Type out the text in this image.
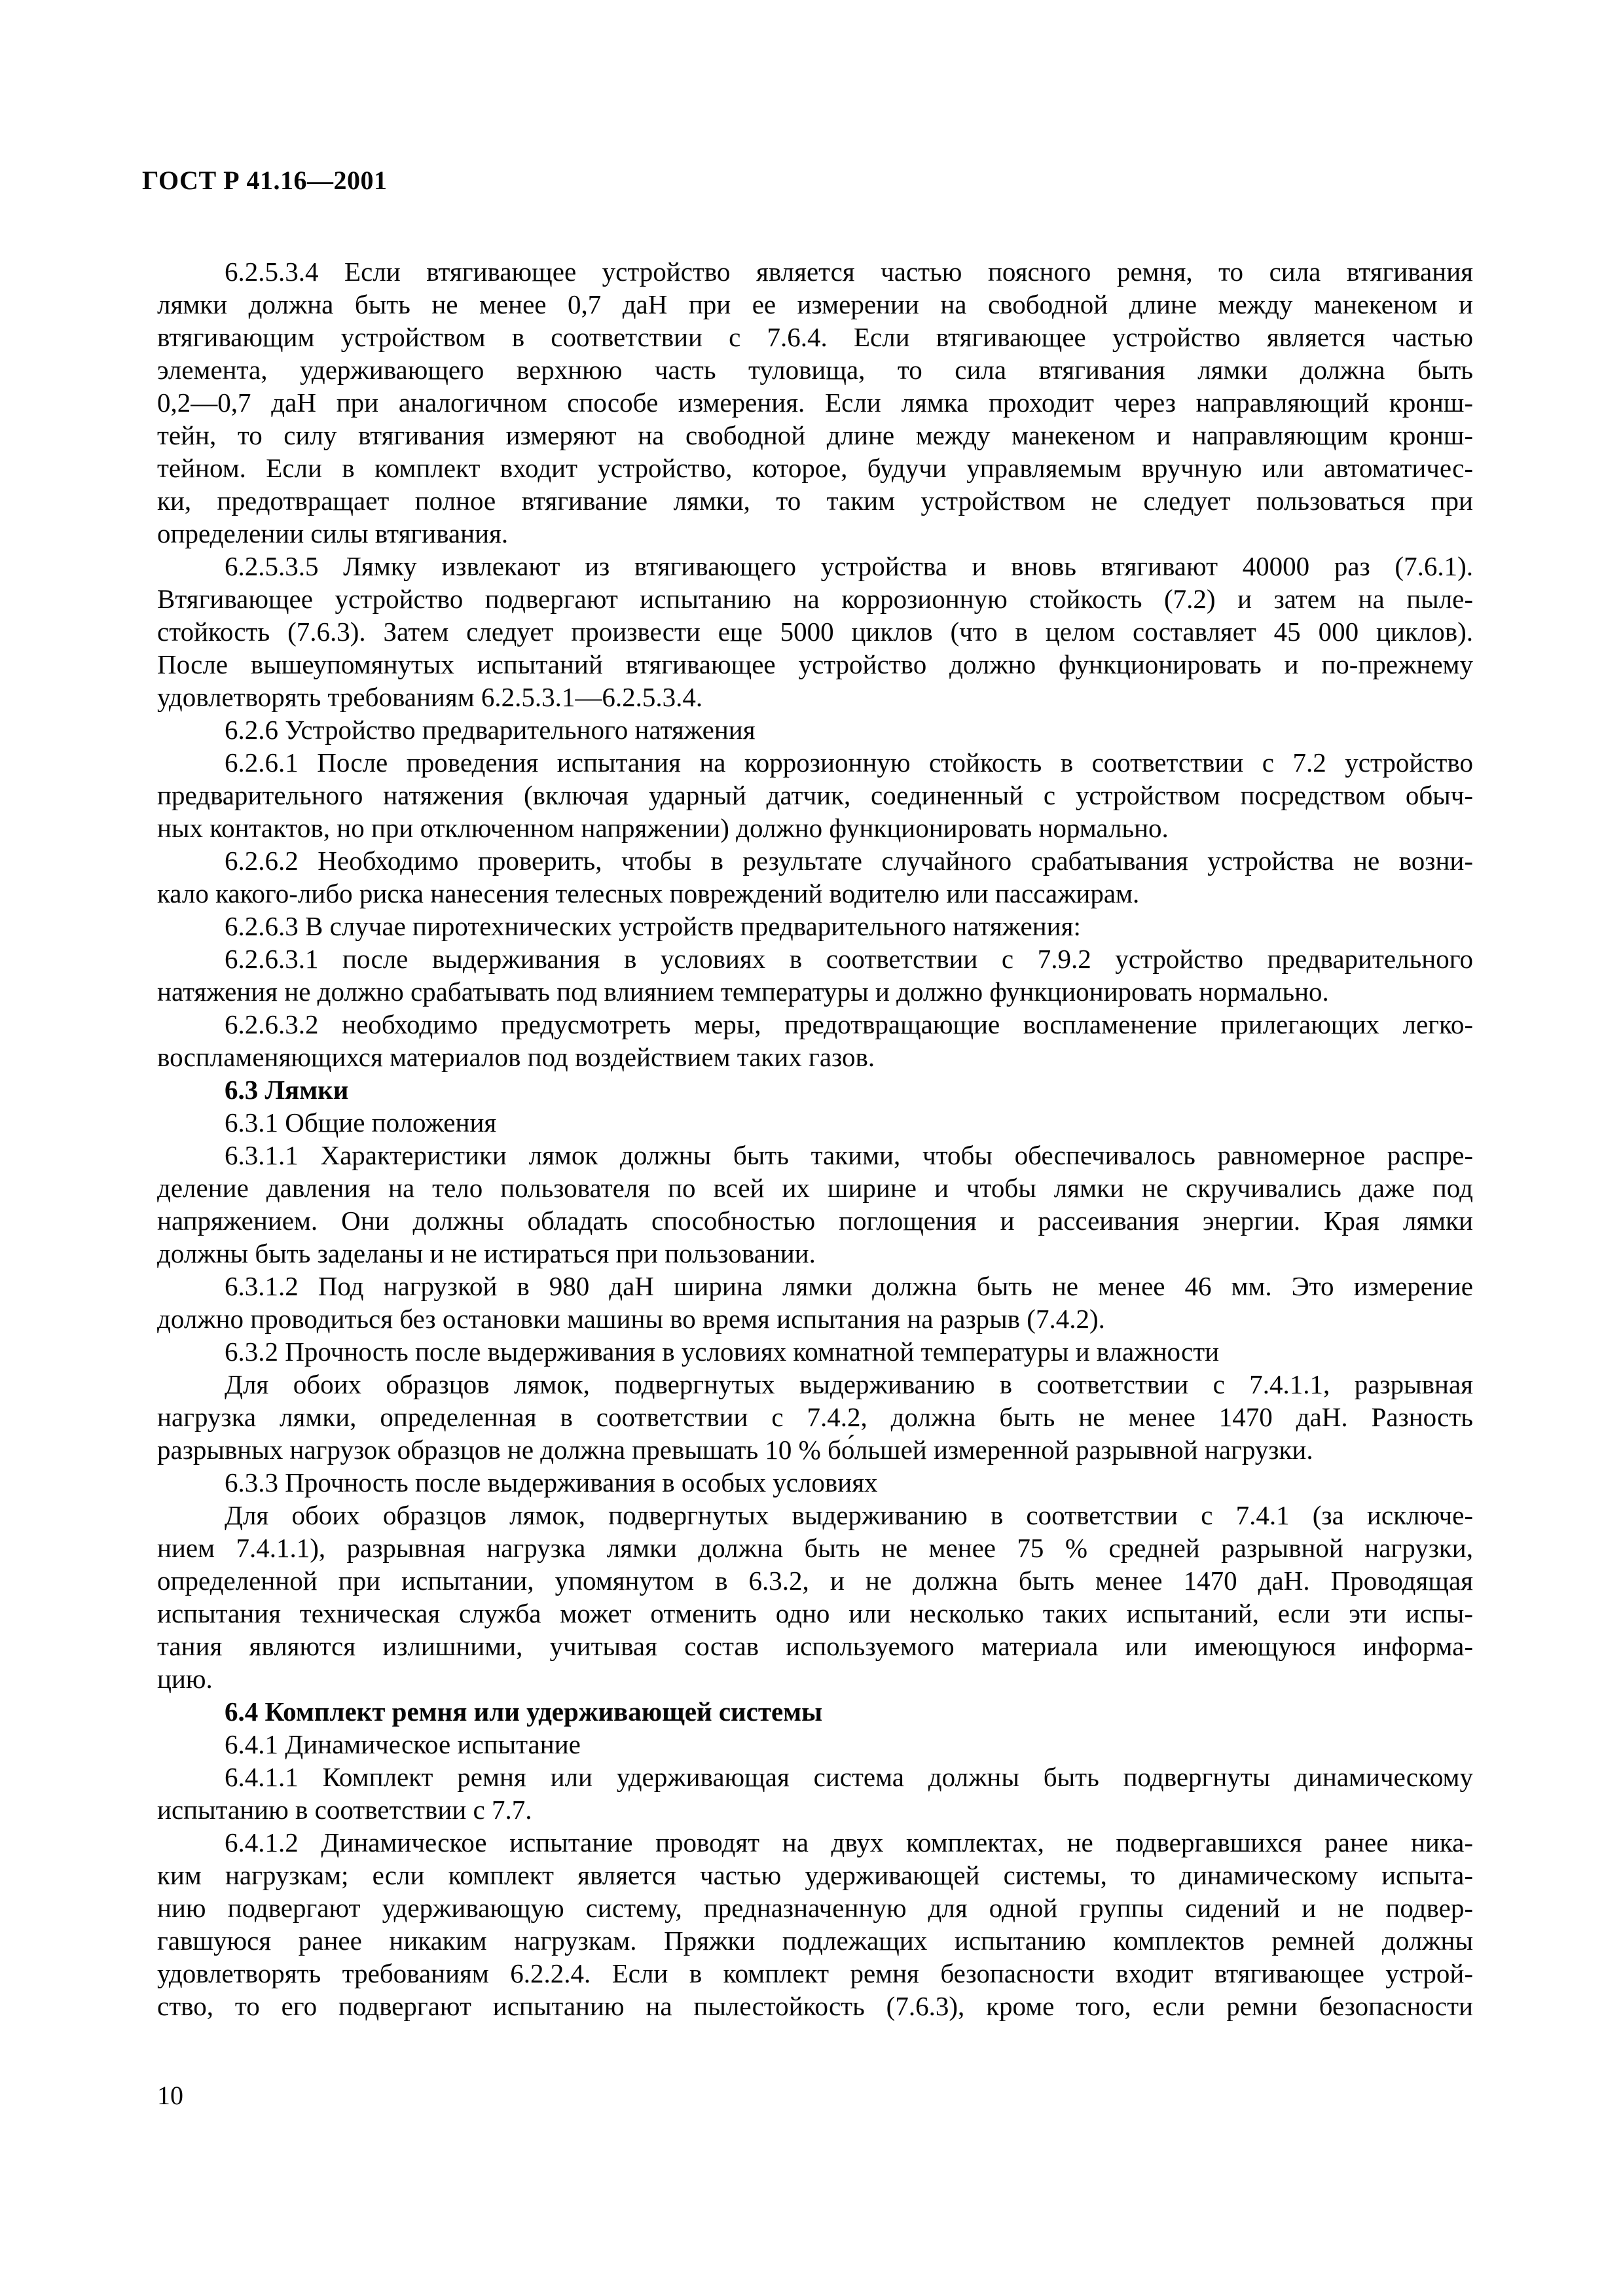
ГОСТ Р 41.16—2001
6.2.5.3.4 Если втягивающее устройство является частью поясного ремня, то сила втягивания
лямки должна быть не менее 0,7 даН при ее измерении на свободной длине между манекеном и
втягивающим устройством в соответствии с 7.6.4. Если втягивающее устройство является частью
элемента, удерживающего верхнюю часть туловища, то сила втягивания лямки должна быть
0,2—0,7 даН при аналогичном способе измерения. Если лямка проходит через направляющий кронш-
тейн, то силу втягивания измеряют на свободной длине между манекеном и направляющим кронш-
тейном. Если в комплект входит устройство, которое, будучи управляемым вручную или автоматичес-
ки, предотвращает полное втягивание лямки, то таким устройством не следует пользоваться при
определении силы втягивания.
6.2.5.3.5 Лямку извлекают из втягивающего устройства и вновь втягивают 40000 раз (7.6.1).
Втягивающее устройство подвергают испытанию на коррозионную стойкость (7.2) и затем на пыле-
стойкость (7.6.3). Затем следует произвести еще 5000 циклов (что в целом составляет 45 000 циклов).
После вышеупомянутых испытаний втягивающее устройство должно функционировать и по-прежнему
удовлетворять требованиям 6.2.5.3.1—6.2.5.3.4.
6.2.6 Устройство предварительного натяжения
6.2.6.1 После проведения испытания на коррозионную стойкость в соответствии с 7.2 устройство
предварительного натяжения (включая ударный датчик, соединенный с устройством посредством обыч-
ных контактов, но при отключенном напряжении) должно функционировать нормально.
6.2.6.2 Необходимо проверить, чтобы в результате случайного срабатывания устройства не возни-
кало какого-либо риска нанесения телесных повреждений водителю или пассажирам.
6.2.6.3 В случае пиротехнических устройств предварительного натяжения:
6.2.6.3.1 после выдерживания в условиях в соответствии с 7.9.2 устройство предварительного
натяжения не должно срабатывать под влиянием температуры и должно функционировать нормально.
6.2.6.3.2 необходимо предусмотреть меры, предотвращающие воспламенение прилегающих легко-
воспламеняющихся материалов под воздействием таких газов.
6.3 Лямки
6.3.1 Общие положения
6.3.1.1 Характеристики лямок должны быть такими, чтобы обеспечивалось равномерное распре-
деление давления на тело пользователя по всей их ширине и чтобы лямки не скручивались даже под
напряжением. Они должны обладать способностью поглощения и рассеивания энергии. Края лямки
должны быть заделаны и не истираться при пользовании.
6.3.1.2 Под нагрузкой в 980 даН ширина лямки должна быть не менее 46 мм. Это измерение
должно проводиться без остановки машины во время испытания на разрыв (7.4.2).
6.3.2 Прочность после выдерживания в условиях комнатной температуры и влажности
Для обоих образцов лямок, подвергнутых выдерживанию в соответствии с 7.4.1.1, разрывная
нагрузка лямки, определенная в соответствии с 7.4.2, должна быть не менее 1470 даН. Разность
разрывных нагрузок образцов не должна превышать 10 % бо́льшей измеренной разрывной нагрузки.
6.3.3 Прочность после выдерживания в особых условиях
Для обоих образцов лямок, подвергнутых выдерживанию в соответствии с 7.4.1 (за исключе-
нием 7.4.1.1), разрывная нагрузка лямки должна быть не менее 75 % средней разрывной нагрузки,
определенной при испытании, упомянутом в 6.3.2, и не должна быть менее 1470 даН. Проводящая
испытания техническая служба может отменить одно или несколько таких испытаний, если эти испы-
тания являются излишними, учитывая состав используемого материала или имеющуюся информа-
цию.
6.4 Комплект ремня или удерживающей системы
6.4.1 Динамическое испытание
6.4.1.1 Комплект ремня или удерживающая система должны быть подвергнуты динамическому
испытанию в соответствии с 7.7.
6.4.1.2 Динамическое испытание проводят на двух комплектах, не подвергавшихся ранее ника-
ким нагрузкам; если комплект является частью удерживающей системы, то динамическому испыта-
нию подвергают удерживающую систему, предназначенную для одной группы сидений и не подвер-
гавшуюся ранее никаким нагрузкам. Пряжки подлежащих испытанию комплектов ремней должны
удовлетворять требованиям 6.2.2.4. Если в комплект ремня безопасности входит втягивающее устрой-
ство, то его подвергают испытанию на пылестойкость (7.6.3), кроме того, если ремни безопасности
10
